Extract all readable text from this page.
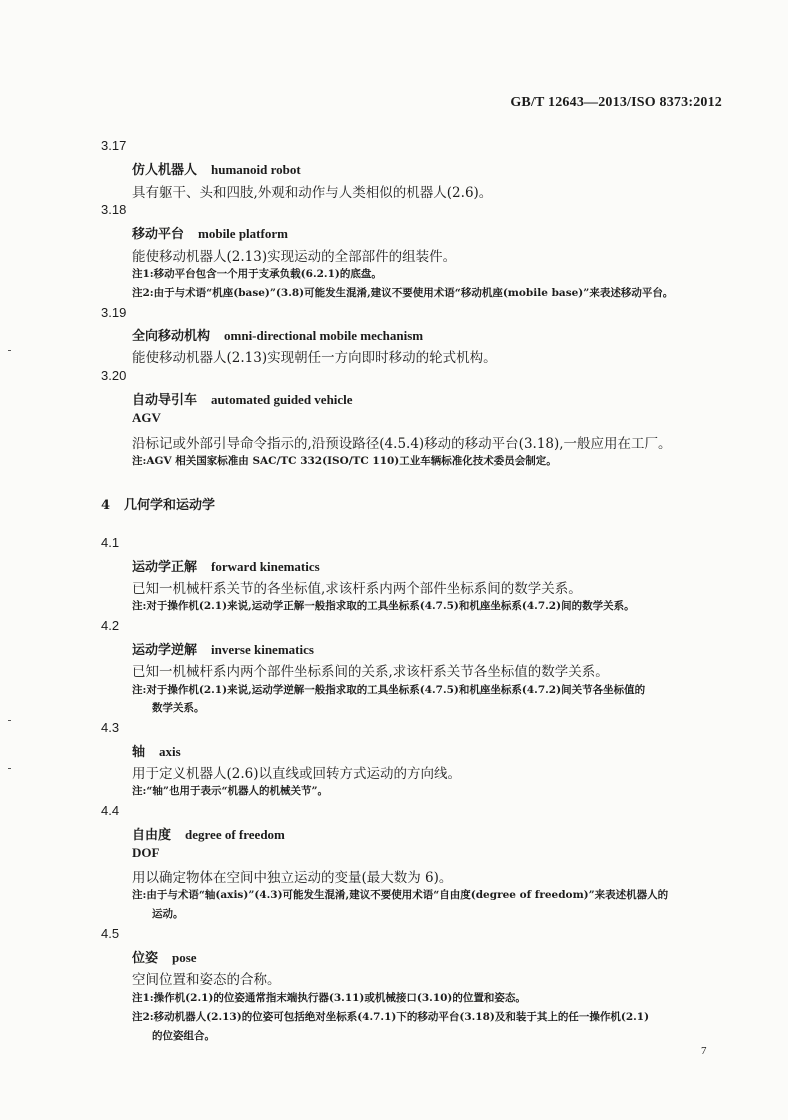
GB/T 12643—2013/ISO 8373:2012
3.17
仿人机器人 humanoid robot
具有躯干、头和四肢,外观和动作与人类相似的机器人(2.6)。
3.18
移动平台 mobile platform
能使移动机器人(2.13)实现运动的全部部件的组装件。
注1:移动平台包含一个用于支承负载(6.2.1)的底盘。
注2:由于与术语“机座(base)”(3.8)可能发生混淆,建议不要使用术语“移动机座(mobile base)”来表述移动平台。
3.19
全向移动机构 omni-directional mobile mechanism
能使移动机器人(2.13)实现朝任一方向即时移动的轮式机构。
3.20
自动导引车 automated guided vehicle
AGV
沿标记或外部引导命令指示的,沿预设路径(4.5.4)移动的移动平台(3.18),一般应用在工厂。
注:AGV 相关国家标准由 SAC/TC 332(ISO/TC 110)工业车辆标准化技术委员会制定。
4 几何学和运动学
4.1
运动学正解 forward kinematics
已知一机械杆系关节的各坐标值,求该杆系内两个部件坐标系间的数学关系。
注:对于操作机(2.1)来说,运动学正解一般指求取的工具坐标系(4.7.5)和机座坐标系(4.7.2)间的数学关系。
4.2
运动学逆解 inverse kinematics
已知一机械杆系内两个部件坐标系间的关系,求该杆系关节各坐标值的数学关系。
注:对于操作机(2.1)来说,运动学逆解一般指求取的工具坐标系(4.7.5)和机座坐标系(4.7.2)间关节各坐标值的
数学关系。
4.3
轴 axis
用于定义机器人(2.6)以直线或回转方式运动的方向线。
注:“轴”也用于表示“机器人的机械关节”。
4.4
自由度 degree of freedom
DOF
用以确定物体在空间中独立运动的变量(最大数为 6)。
注:由于与术语“轴(axis)”(4.3)可能发生混淆,建议不要使用术语“自由度(degree of freedom)”来表述机器人的
运动。
4.5
位姿 pose
空间位置和姿态的合称。
注1:操作机(2.1)的位姿通常指末端执行器(3.11)或机械接口(3.10)的位置和姿态。
注2:移动机器人(2.13)的位姿可包括绝对坐标系(4.7.1)下的移动平台(3.18)及和装于其上的任一操作机(2.1)
的位姿组合。
7
